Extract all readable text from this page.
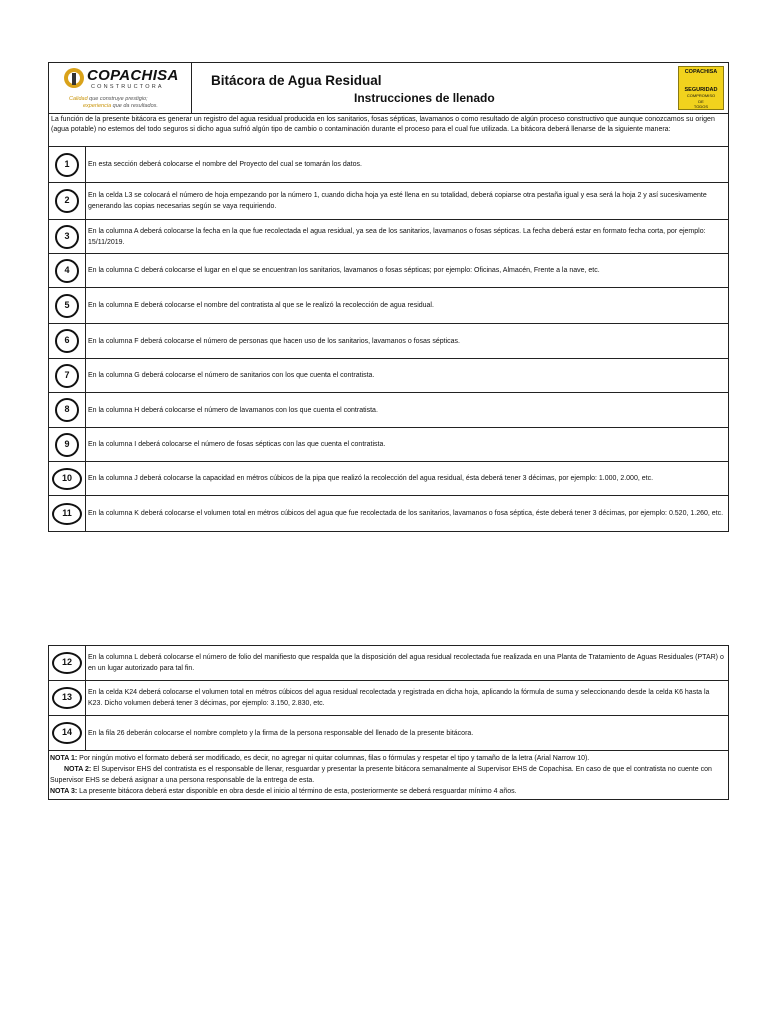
COPACHISA
CONSTRUCTORA
Calidad que construye prestigio;
experiencia que da resultados.
Bitácora de Agua Residual
Instrucciones de llenado
COPACHISA
SEGURIDAD
COMPROMISO
DE
TODOS
La función de la presente bitácora es generar un registro del agua residual producida en los sanitarios, fosas sépticas, lavamanos o como resultado de algún proceso constructivo que aunque conozcamos su origen (agua potable) no estemos del todo seguros si dicho agua sufrió algún tipo de cambio o contaminación durante el proceso para el cual fue utilizada. La bitácora deberá llenarse de la siguiente manera:
1	En esta sección deberá colocarse el nombre del Proyecto del cual se tomarán los datos.
2	En la celda L3 se colocará el número de hoja empezando por la número 1, cuando dicha hoja ya esté llena en su totalidad, deberá copiarse otra pestaña igual y esa será la hoja 2 y así sucesivamente generando las copias necesarias según se vaya requiriendo.
3	En la columna A deberá colocarse la fecha en la que fue recolectada el agua residual, ya sea de los sanitarios, lavamanos o fosas sépticas. La fecha deberá estar en formato fecha corta, por ejemplo: 15/11/2019.
4	En la columna C deberá colocarse el lugar en el que se encuentran los sanitarios, lavamanos o fosas sépticas; por ejemplo: Oficinas, Almacén, Frente a la nave, etc.
5	En la columna E deberá colocarse el nombre del contratista al que se le realizó la recolección de agua residual.
6	En la columna F deberá colocarse el número de personas que hacen uso de los sanitarios, lavamanos o fosas sépticas.
7	En la columna G deberá colocarse el número de sanitarios con los que cuenta el contratista.
8	En la columna H deberá colocarse el número de lavamanos con los que cuenta el contratista.
9	En la columna I deberá colocarse el número de fosas sépticas con las que cuenta el contratista.
10	En la columna J deberá colocarse la capacidad en métros cúbicos de la pipa que realizó la recolección del agua residual, ésta deberá tener 3 décimas, por ejemplo: 1.000, 2.000, etc.
11	En la columna K deberá colocarse el volumen total en métros cúbicos del agua que fue recolectada de los sanitarios, lavamanos o fosa séptica, éste deberá tener 3 décimas, por ejemplo: 0.520, 1.260, etc.
12	En la columna L deberá colocarse el número de folio del manifiesto que respalda que la disposición del agua residual recolectada fue realizada en una Planta de Tratamiento de Aguas Residuales (PTAR) o en un lugar autorizado para tal fin.
13	En la celda K24 deberá colocarse el volumen total en métros cúbicos del agua residual recolectada y registrada en dicha hoja, aplicando la fórmula de suma y seleccionando desde la celda K6 hasta la K23. Dicho volumen deberá tener 3 décimas, por ejemplo: 3.150, 2.830, etc.
14	En la fila 26 deberán colocarse el nombre completo y la firma de la persona responsable del llenado de la presente bitácora.
NOTA 1: Por ningún motivo el formato deberá ser modificado, es decir, no agregar ni quitar columnas, filas o fórmulas y respetar el tipo y tamaño de la letra (Arial Narrow 10).
NOTA 2: El Supervisor EHS del contratista es el responsable de llenar, resguardar y presentar la presente bitácora semanalmente al Supervisor EHS de Copachisa. En caso de que el contratista no cuente con Supervisor EHS se deberá asignar a una persona responsable de la entrega de esta.
NOTA 3: La presente bitácora deberá estar disponible en obra desde el inicio al término de esta, posteriormente se deberá resguardar mínimo 4 años.
